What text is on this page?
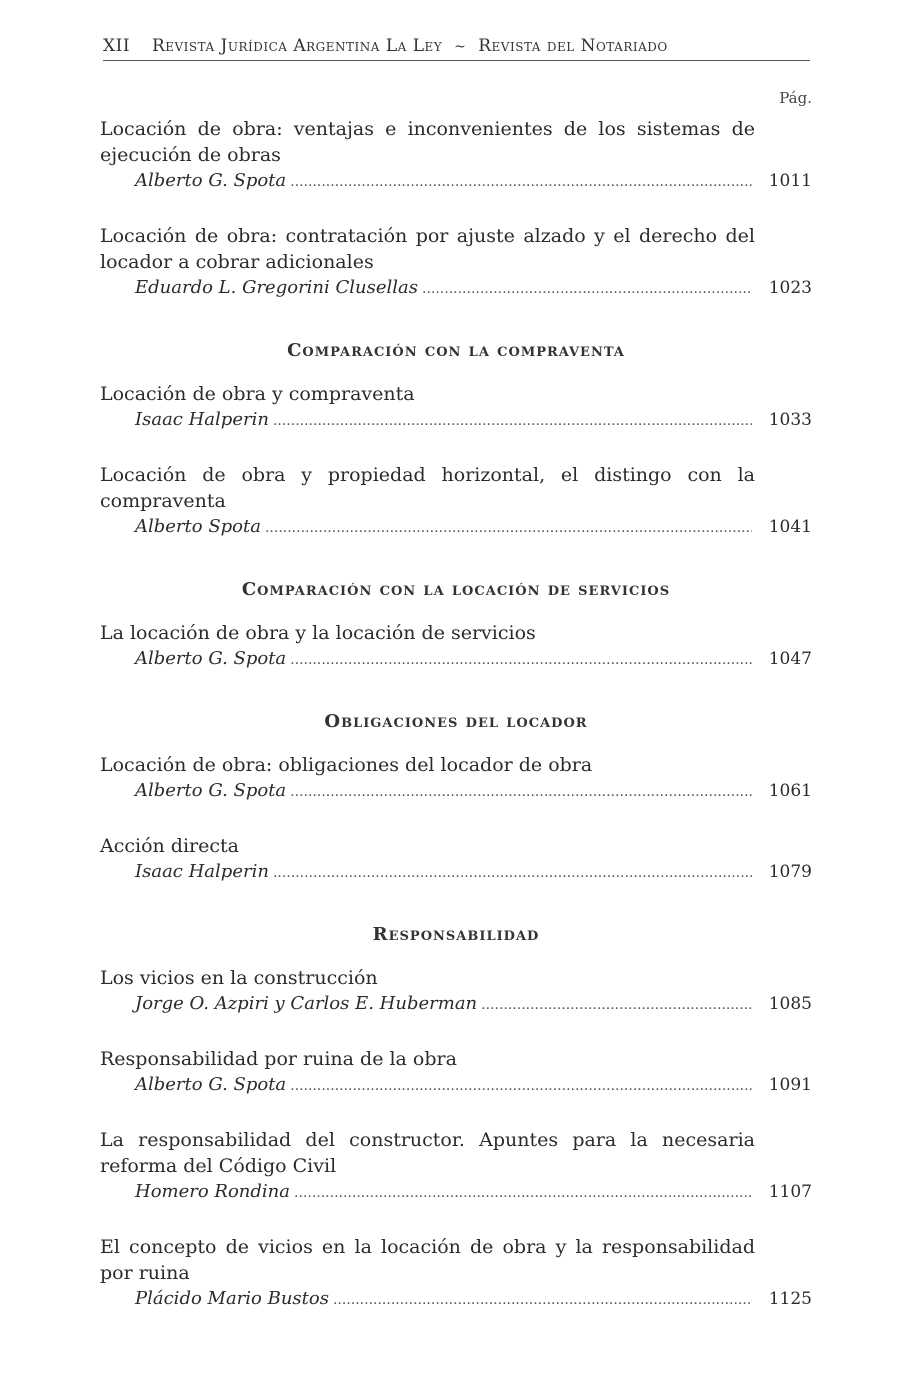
XII Revista Jurídica Argentina La Ley ~ Revista del Notariado
Pág.
Locación de obra: ventajas e inconvenientes de los sistemas de ejecución de obras
Alberto G. Spota .....	1011
Locación de obra: contratación por ajuste alzado y el derecho del locador a cobrar adicionales
Eduardo L. Gregorini Clusellas .....	1023
Comparación con la compraventa
Locación de obra y compraventa
Isaac Halperin .....	1033
Locación de obra y propiedad horizontal, el distingo con la compraventa
Alberto Spota .....	1041
Comparación con la locación de servicios
La locación de obra y la locación de servicios
Alberto G. Spota .....	1047
Obligaciones del locador
Locación de obra: obligaciones del locador de obra
Alberto G. Spota .....	1061
Acción directa
Isaac Halperin .....	1079
Responsabilidad
Los vicios en la construcción
Jorge O. Azpiri y Carlos E. Huberman .....	1085
Responsabilidad por ruina de la obra
Alberto G. Spota .....	1091
La responsabilidad del constructor. Apuntes para la necesaria reforma del Código Civil
Homero Rondina .....	1107
El concepto de vicios en la locación de obra y la responsabilidad por ruina
Plácido Mario Bustos .....	1125
